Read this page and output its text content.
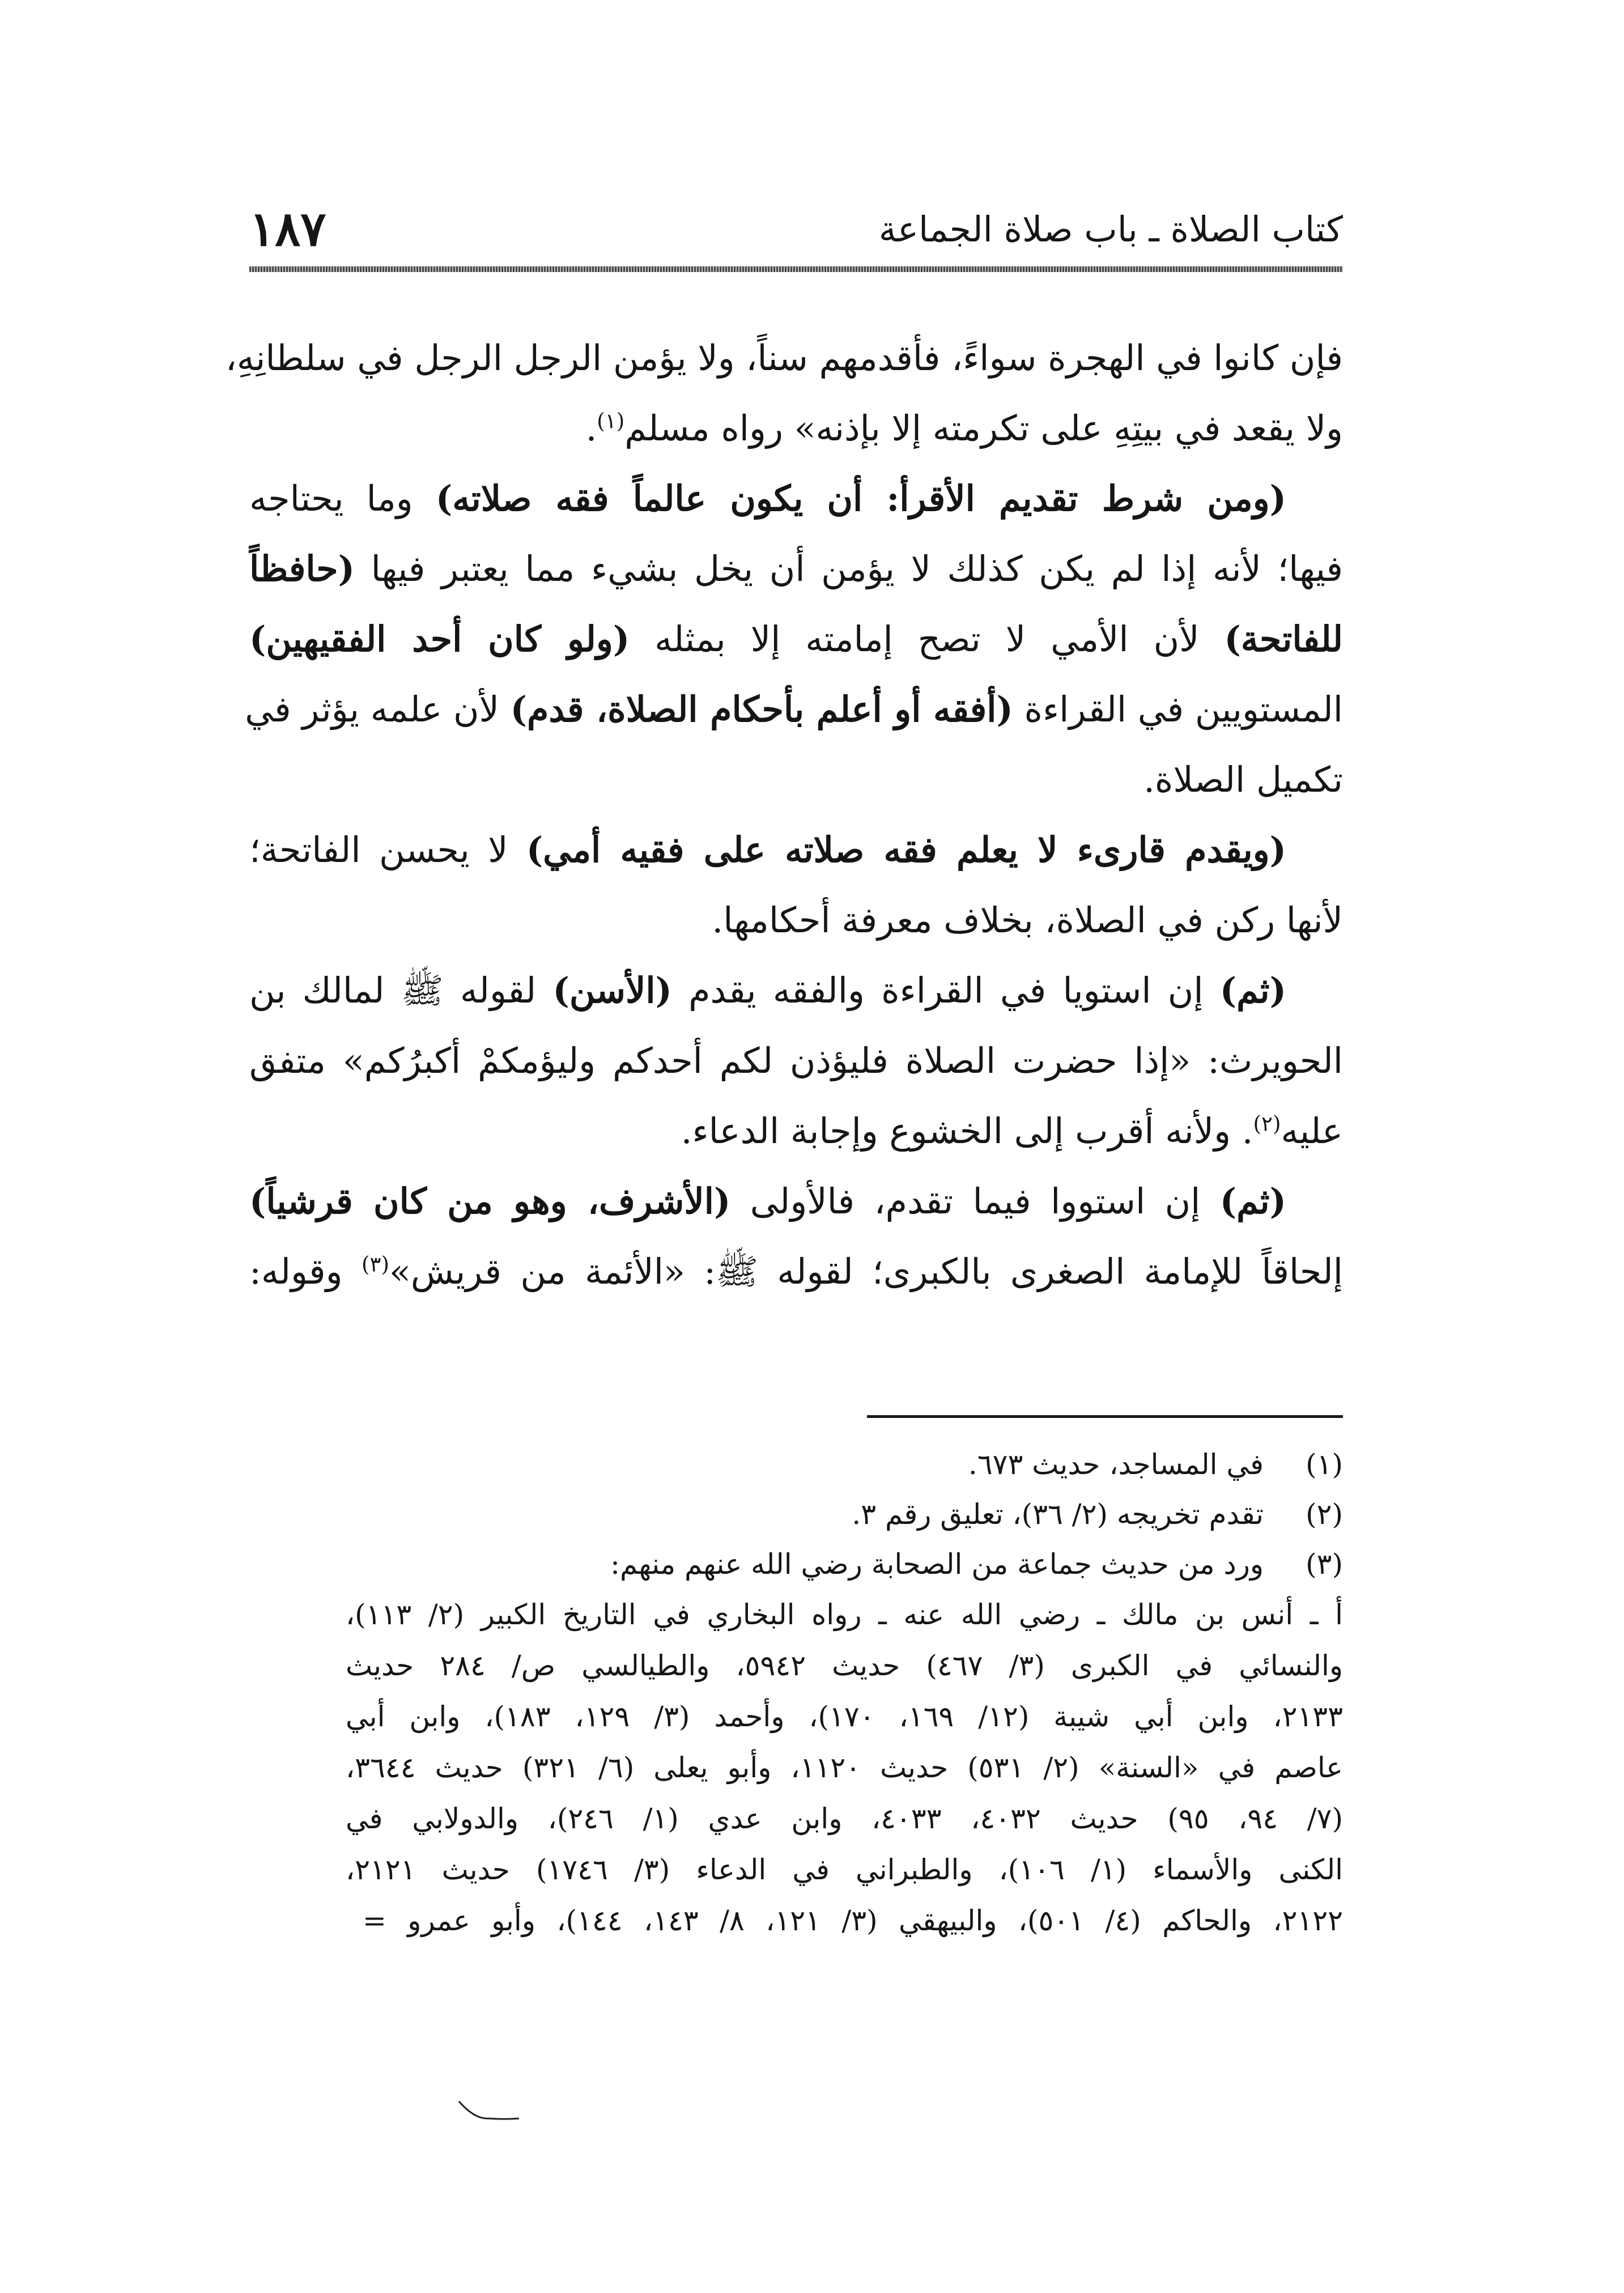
كتاب الصلاة ـ باب صلاة الجماعة
١٨٧
فإن كانوا في الهجرة سواءً، فأقدمهم سناً، ولا يؤمن الرجل الرجل في سلطانِهِ،
ولا يقعد في بيتِهِ على تكرمته إلا بإذنه» رواه مسلم$^{(١)}$.
(ومن شرط تقديم الأقرأ: أن يكون عالماً فقه صلاته) وما يحتاجه
فيها؛ لأنه إذا لم يكن كذلك لا يؤمن أن يخل بشيء مما يعتبر فيها (حافظاً
للفاتحة) لأن الأمي لا تصح إمامته إلا بمثله (ولو كان أحد الفقيهين)
المستويين في القراءة (أفقه أو أعلم بأحكام الصلاة، قدم) لأن علمه يؤثر في
تكميل الصلاة.
(ويقدم قارىء لا يعلم فقه صلاته على فقيه أمي) لا يحسن الفاتحة؛
لأنها ركن في الصلاة، بخلاف معرفة أحكامها.
(ثم) إن استويا في القراءة والفقه يقدم (الأسن) لقوله ﷺ لمالك بن
الحويرث: «إذا حضرت الصلاة فليؤذن لكم أحدكم وليؤمكمْ أكبرُكم» متفق
عليه$^{(٢)}$. ولأنه أقرب إلى الخشوع وإجابة الدعاء.
(ثم) إن استووا فيما تقدم، فالأولى (الأشرف، وهو من كان قرشياً)
إلحاقاً للإمامة الصغرى بالكبرى؛ لقوله ﷺ: «الأئمة من قريش»$^{(٣)}$ وقوله:
(١)
في المساجد، حديث ٦٧٣.
(٢)
تقدم تخريجه (٢/ ٣٦)، تعليق رقم ٣.
(٣)
ورد من حديث جماعة من الصحابة رضي الله عنهم منهم:
أ ـ أنس بن مالك ـ رضي الله عنه ـ رواه البخاري في التاريخ الكبير (٢/ ١١٣)،
والنسائي في الكبرى (٣/ ٤٦٧) حديث ٥٩٤٢، والطيالسي ص/ ٢٨٤ حديث
٢١٣٣، وابن أبي شيبة (١٢/ ١٦٩، ١٧٠)، وأحمد (٣/ ١٢٩، ١٨٣)، وابن أبي
عاصم في «السنة» (٢/ ٥٣١) حديث ١١٢٠، وأبو يعلى (٦/ ٣٢١) حديث ٣٦٤٤،
(٧/ ٩٤، ٩٥) حديث ٤٠٣٢، ٤٠٣٣، وابن عدي (١/ ٢٤٦)، والدولابي في
الكنى والأسماء (١/ ١٠٦)، والطبراني في الدعاء (٣/ ١٧٤٦) حديث ٢١٢١،
٢١٢٢، والحاكم (٤/ ٥٠١)، والبيهقي (٣/ ١٢١، ٨/ ١٤٣، ١٤٤)، وأبو عمرو =
